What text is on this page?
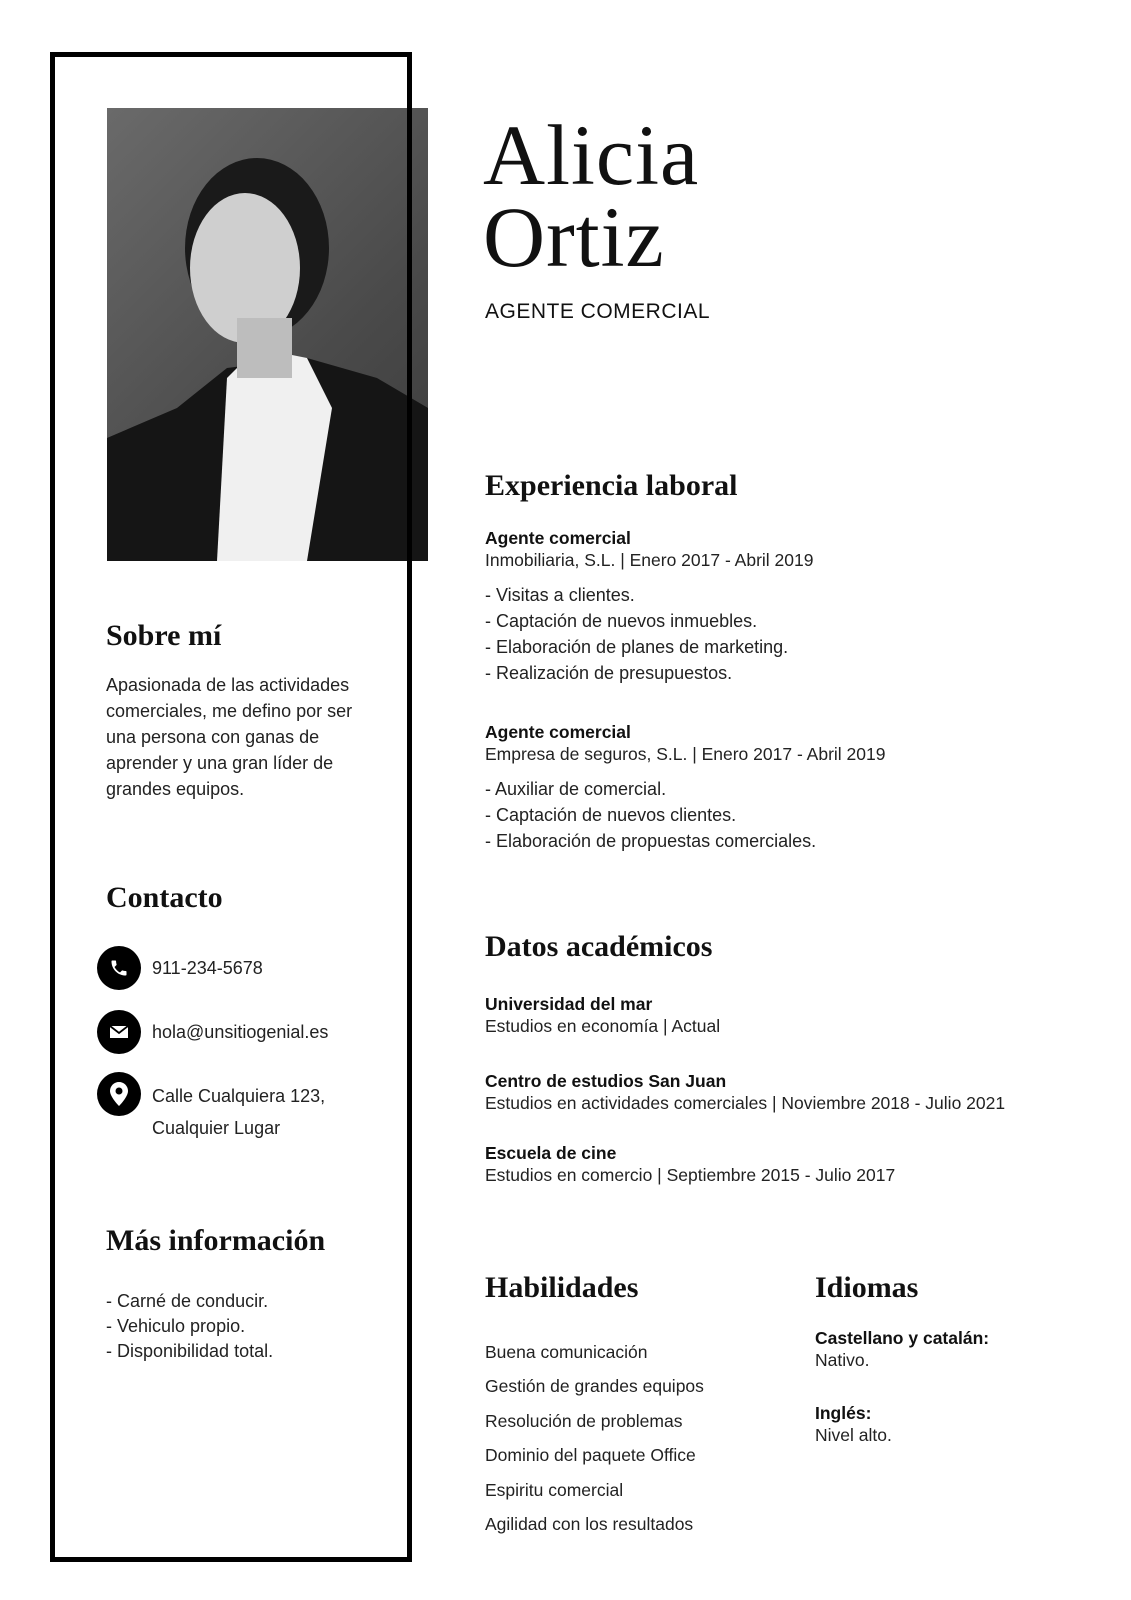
Alicia
Ortiz
AGENTE COMERCIAL
Sobre mí
Apasionada de las actividades
comerciales, me defino por ser
una persona con ganas de
aprender y una gran líder de
grandes equipos.
Contacto
911-234-5678
hola@unsitiogenial.es
Calle Cualquiera 123,
Cualquier Lugar
Más información
- Carné de conducir.
- Vehiculo propio.
- Disponibilidad total.
Experiencia laboral
Agente comercial
Inmobiliaria, S.L. | Enero 2017 - Abril 2019
- Visitas a clientes.
- Captación de nuevos inmuebles.
- Elaboración de planes de marketing.
- Realización de presupuestos.
Agente comercial
Empresa de seguros, S.L. | Enero 2017 - Abril 2019
- Auxiliar de comercial.
- Captación de nuevos clientes.
- Elaboración de propuestas comerciales.
Datos académicos
Universidad del mar
Estudios en economía | Actual
Centro de estudios San Juan
Estudios en actividades comerciales | Noviembre 2018 - Julio 2021
Escuela de cine
Estudios en comercio | Septiembre 2015 - Julio 2017
Habilidades
Buena comunicación
Gestión de grandes equipos
Resolución de problemas
Dominio del paquete Office
Espiritu comercial
Agilidad con los resultados
Idiomas
Castellano y catalán:
Nativo.
Inglés:
Nivel alto.
